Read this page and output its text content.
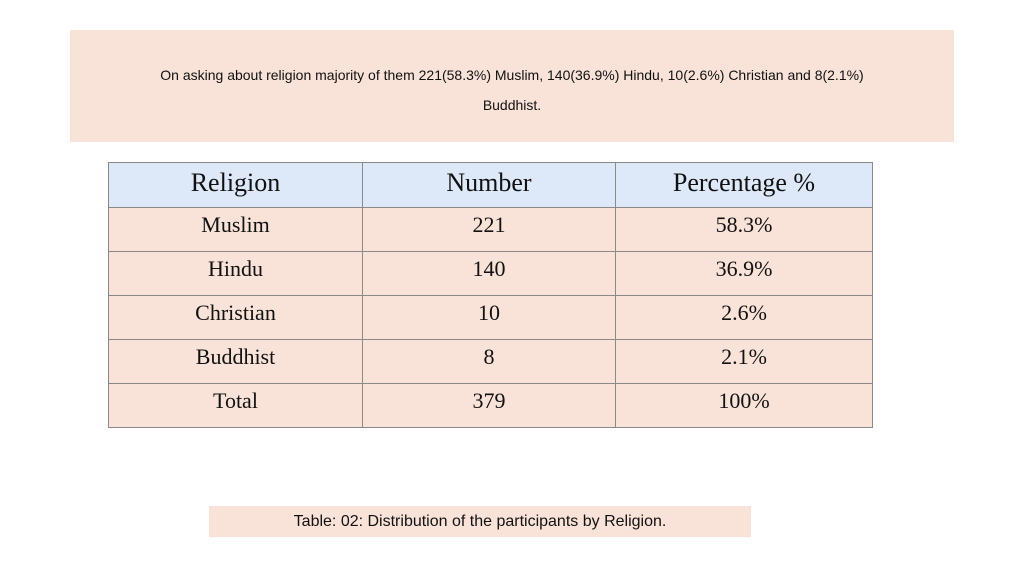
On asking about religion majority of them 221(58.3%) Muslim, 140(36.9%) Hindu, 10(2.6%) Christian and 8(2.1%)
Buddhist.
Religion	Number	Percentage %
Muslim	221	58.3%
Hindu	140	36.9%
Christian	10	2.6%
Buddhist	8	2.1%
Total	379	100%
Table: 02: Distribution of the participants by Religion.
